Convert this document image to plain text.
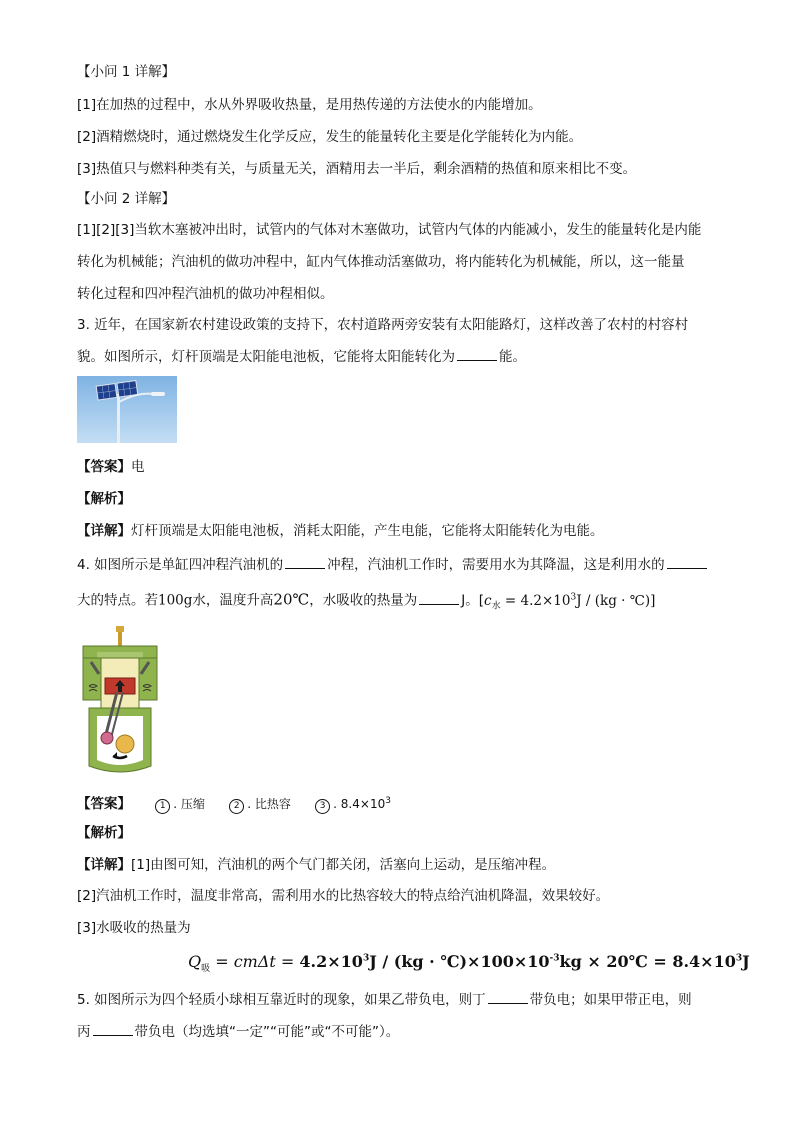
【小问 1 详解】
[1]在加热的过程中，水从外界吸收热量，是用热传递的方法使水的内能增加。
[2]酒精燃烧时，通过燃烧发生化学反应，发生的能量转化主要是化学能转化为内能。
[3]热值只与燃料种类有关，与质量无关，酒精用去一半后，剩余酒精的热值和原来相比不变。
【小问 2 详解】
[1][2][3]当软木塞被冲出时，试管内的气体对木塞做功，试管内气体的内能减小，发生的能量转化是内能
转化为机械能；汽油机的做功冲程中，缸内气体推动活塞做功，将内能转化为机械能，所以，这一能量
转化过程和四冲程汽油机的做功冲程相似。
3. 近年，在国家新农村建设政策的支持下，农村道路两旁安装有太阳能路灯，这样改善了农村的村容村
貌。如图所示，灯杆顶端是太阳能电池板，它能将太阳能转化为	能。
【答案】电
【解析】
【详解】灯杆顶端是太阳能电池板，消耗太阳能，产生电能，它能将太阳能转化为电能。
4. 如图所示是单缸四冲程汽油机的	冲程，汽油机工作时，需要用水为其降温，这是利用水的
大的特点。若100g水，温度升高20℃，水吸收的热量为	J。[$c_水 = 4.2\times 10^3J / (kg$ · ℃)]
【答案】	1 . 压缩	2 . 比热容	3 . $8.4\times 10^3$
【解析】
【详解】[1]由图可知，汽油机的两个气门都关闭，活塞向上运动，是压缩冲程。
[2]汽油机工作时，温度非常高，需利用水的比热容较大的特点给汽油机降温，效果较好。
[3]水吸收的热量为
$Q_吸 = cm\Delta t = 4.2\times 10^3J / (kg$ · $℃)\times 100\times 10^{-3}kg$ × 20℃ = $8.4\times 10^3J$
5. 如图所示为四个轻质小球相互靠近时的现象，如果乙带负电，则丁	带负电；如果甲带正电，则
丙	带负电（均选填“一定”“可能”或“不可能”）。
